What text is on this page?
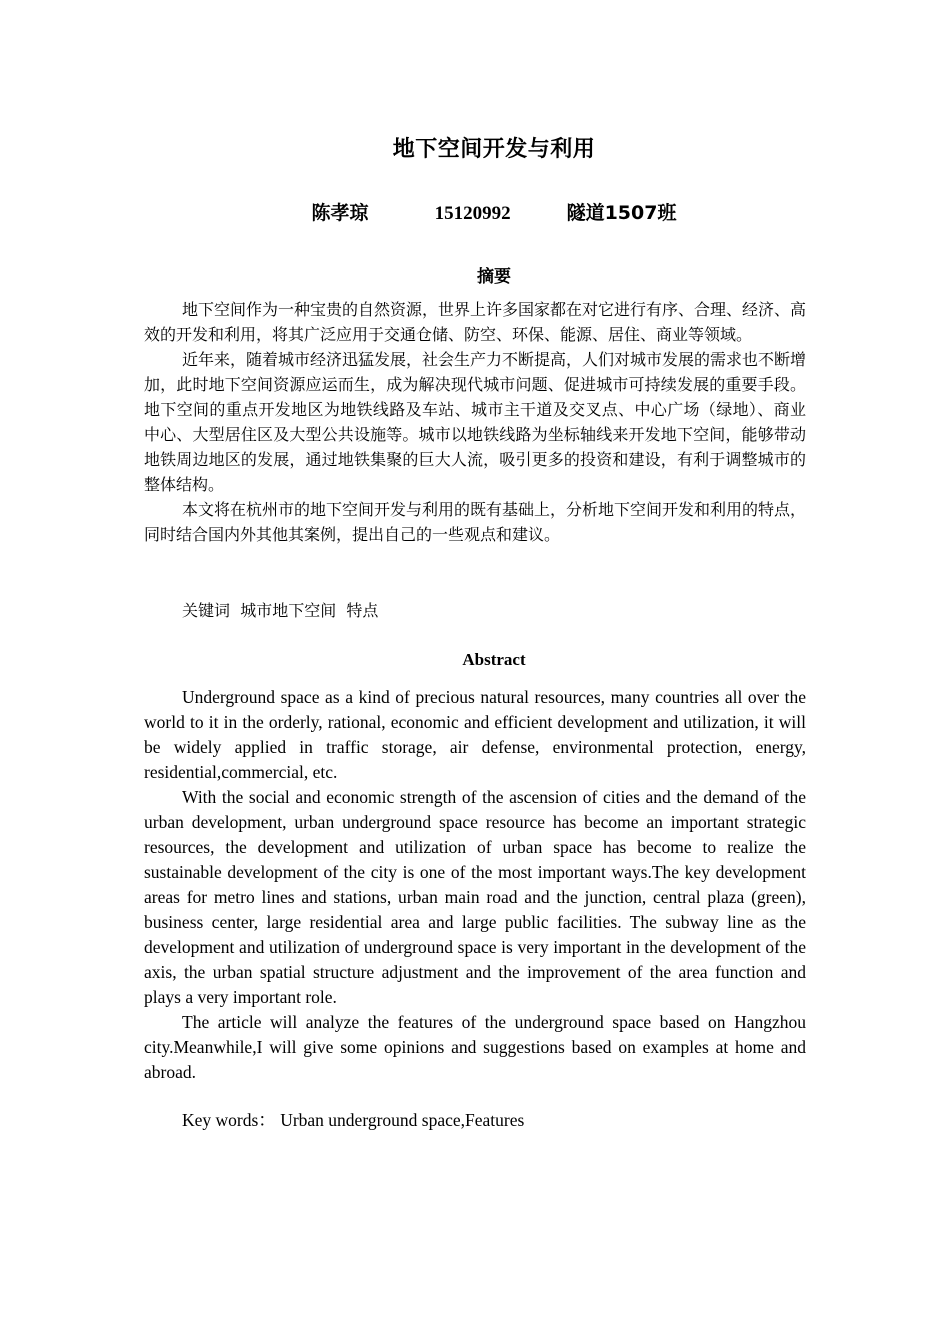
地下空间开发与利用
陈孝琼	15120992	隧道1507班
摘要

地下空间作为一种宝贵的自然资源，世界上许多国家都在对它进行有序、合理、经济、高效的开发和利用，将其广泛应用于交通仓储、防空、环保、能源、居住、商业等领域。

近年来，随着城市经济迅猛发展，社会生产力不断提高，人们对城市发展的需求也不断增加，此时地下空间资源应运而生，成为解决现代城市问题、促进城市可持续发展的重要手段。地下空间的重点开发地区为地铁线路及车站、城市主干道及交叉点、中心广场（绿地）、商业中心、大型居住区及大型公共设施等。城市以地铁线路为坐标轴线来开发地下空间，能够带动地铁周边地区的发展，通过地铁集聚的巨大人流，吸引更多的投资和建设，有利于调整城市的整体结构。

本文将在杭州市的地下空间开发与利用的既有基础上，分析地下空间开发和利用的特点，同时结合国内外其他其案例，提出自己的一些观点和建议。

关键词 城市地下空间  特点
Abstract

Underground space as a kind of precious natural resources, many countries all over the world to it in the orderly, rational, economic and efficient development and utilization, it will be widely applied in traffic storage, air defense, environmental protection, energy, residential,commercial, etc.

With the social and economic strength of the ascension of cities and the demand of the urban development, urban underground space resource has become an important strategic resources, the development and utilization of urban space has become to realize the sustainable development of the city is one of the most important ways.The key development areas for metro lines and stations, urban main road and the junction, central plaza (green), business center, large residential area and large public facilities. The subway line as the development and utilization of underground space is very important in the development of the axis, the urban spatial structure adjustment and the improvement of the area function and plays a very important role.

The article will analyze the features of the underground space based on Hangzhou city.Meanwhile,I will give some opinions and suggestions based on examples at home and abroad.

Key words： Urban underground space,Features
